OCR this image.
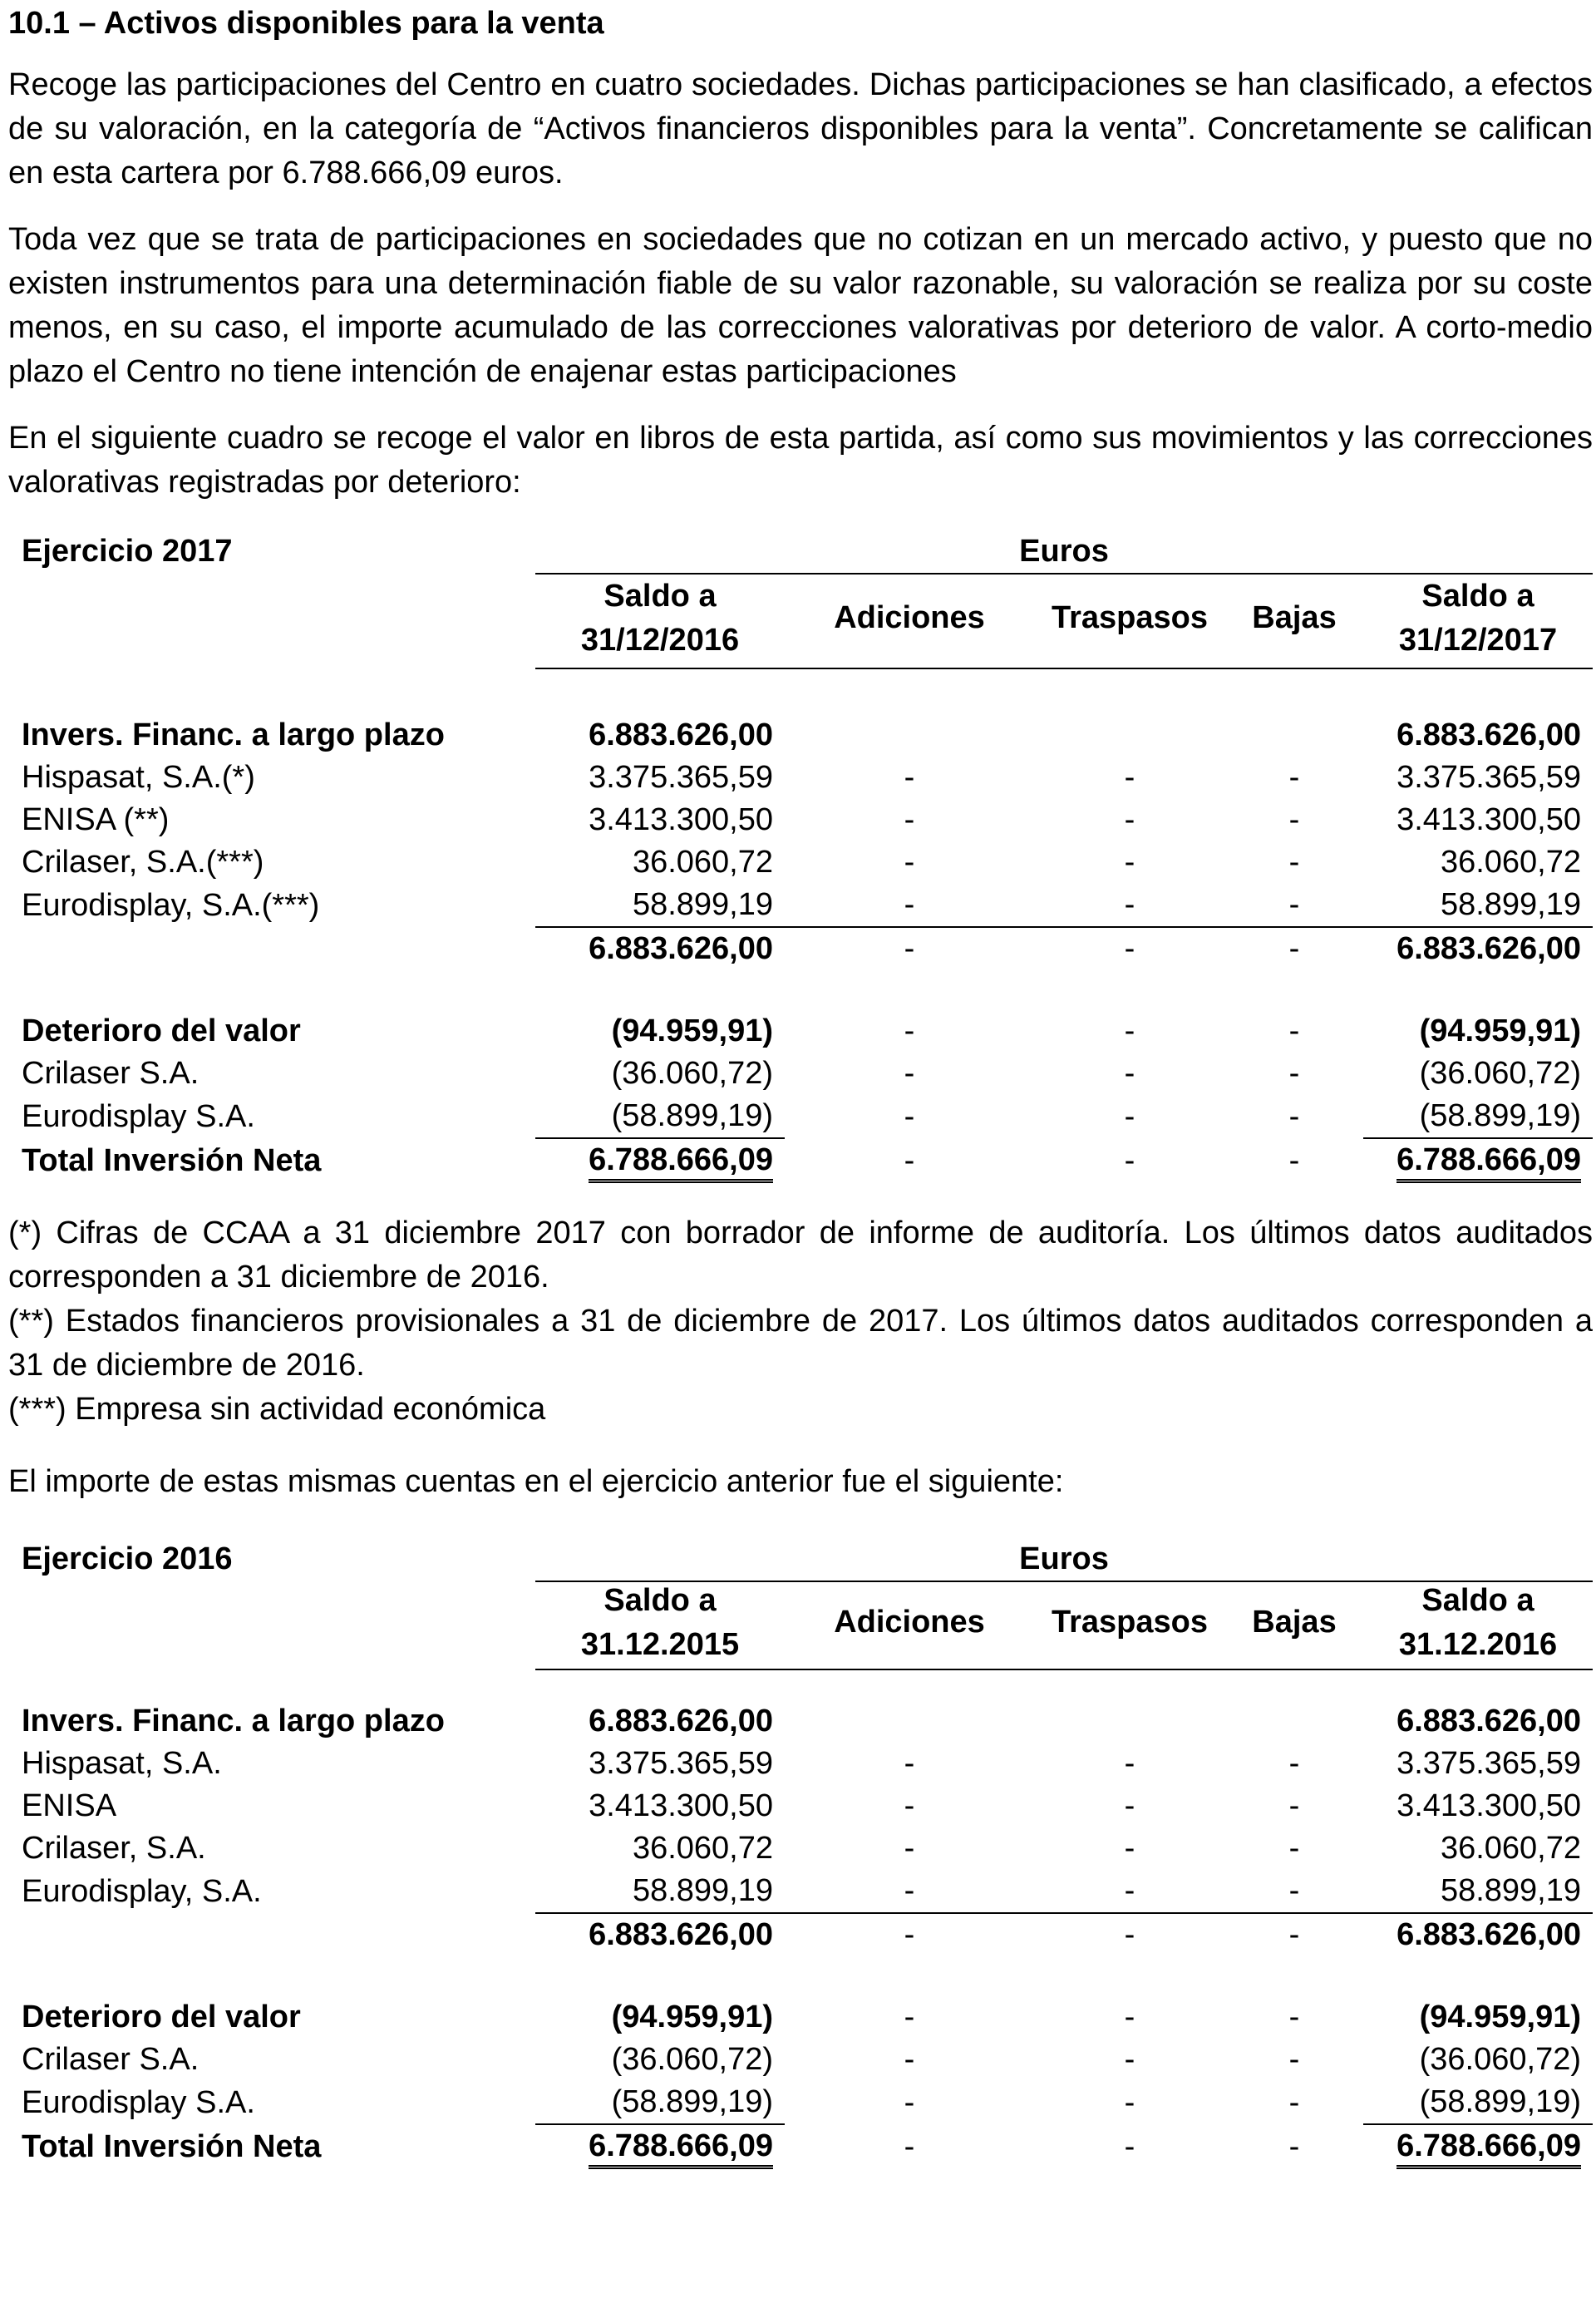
10.1 – Activos disponibles para la venta

Recoge las participaciones del Centro en cuatro sociedades. Dichas participaciones se han clasificado, a efectos de su valoración, en la categoría de “Activos financieros disponibles para la venta”. Concretamente se califican en esta cartera por 6.788.666,09 euros.

Toda vez que se trata de participaciones en sociedades que no cotizan en un mercado activo, y puesto que no existen instrumentos para una determinación fiable de su valor razonable, su valoración se realiza por su coste menos, en su caso, el importe acumulado de las correcciones valorativas por deterioro de valor. A corto-medio plazo el Centro no tiene intención de enajenar estas participaciones

En el siguiente cuadro se recoge el valor en libros de esta partida, así como sus movimientos y las correcciones valorativas registradas por deterioro:

Ejercicio 2017	Euros
Saldo a
31/12/2016
Adiciones	Traspasos	Bajas
Saldo a
31/12/2017
Invers. Financ. a largo plazo	6.883.626,00				6.883.626,00
Hispasat, S.A.(*)	3.375.365,59	-	-	-	3.375.365,59
ENISA (**)	3.413.300,50	-	-	-	3.413.300,50
Crilaser, S.A.(***)	36.060,72	-	-	-	36.060,72
Eurodisplay, S.A.(***)	58.899,19	-	-	-	58.899,19
	6.883.626,00	-	-	-	6.883.626,00

Deterioro del valor	(94.959,91)	-	-	-	(94.959,91)
Crilaser S.A.	(36.060,72)	-	-	-	(36.060,72)
Eurodisplay S.A.	(58.899,19)	-	-	-	(58.899,19)
Total Inversión Neta	6.788.666,09	-	-	-	6.788.666,09

(*) Cifras de CCAA a 31 diciembre 2017 con borrador de informe de auditoría. Los últimos datos auditados corresponden a 31 diciembre de 2016.

(**) Estados financieros provisionales a 31 de diciembre de 2017. Los últimos datos auditados corresponden a 31 de diciembre de 2016.

(***) Empresa sin actividad económica

El importe de estas mismas cuentas en el ejercicio anterior fue el siguiente:

Ejercicio 2016	Euros
Saldo a
31.12.2015
Adiciones	Traspasos	Bajas
Saldo a
31.12.2016
Invers. Financ. a largo plazo	6.883.626,00				6.883.626,00
Hispasat, S.A.	3.375.365,59	-	-	-	3.375.365,59
ENISA	3.413.300,50	-	-	-	3.413.300,50
Crilaser, S.A.	36.060,72	-	-	-	36.060,72
Eurodisplay, S.A.	58.899,19	-	-	-	58.899,19
	6.883.626,00	-	-	-	6.883.626,00

Deterioro del valor	(94.959,91)	-	-	-	(94.959,91)
Crilaser S.A.	(36.060,72)	-	-	-	(36.060,72)
Eurodisplay S.A.	(58.899,19)	-	-	-	(58.899,19)
Total Inversión Neta	6.788.666,09	-	-	-	6.788.666,09
